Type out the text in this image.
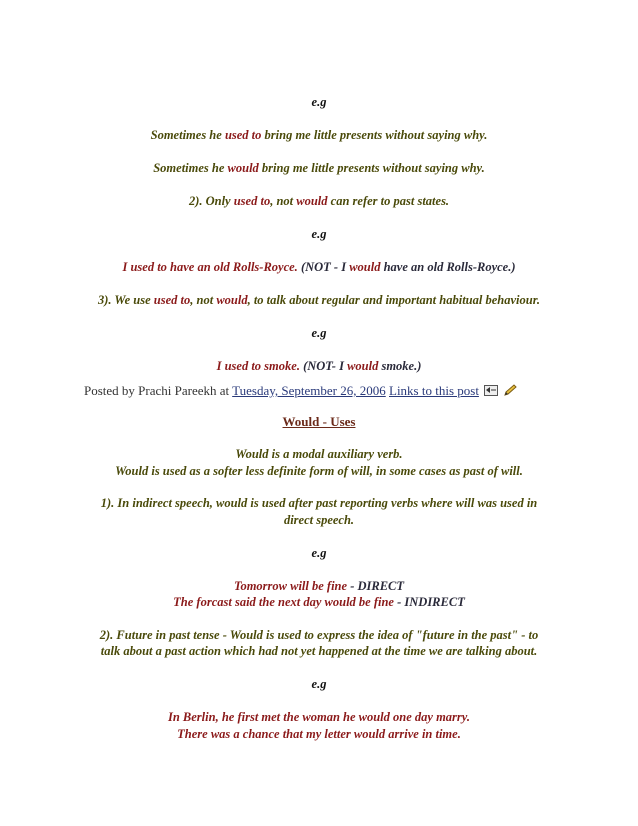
e.g
Sometimes he used to bring me little presents without saying why.
Sometimes he would bring me little presents without saying why.
2). Only used to, not would can refer to past states.
e.g
I used to have an old Rolls-Royce. (NOT - I would have an old Rolls-Royce.)
3). We use used to, not would, to talk about regular and important habitual behaviour.
e.g
I used to smoke. (NOT- I would smoke.)
Posted by Prachi Pareekh at Tuesday, September 26, 2006 Links to this post
Would - Uses
Would is a modal auxiliary verb.
Would is used as a softer less definite form of will, in some cases as past of will.
1). In indirect speech, would is used after past reporting verbs where will was used in
direct speech.
e.g
Tomorrow will be fine - DIRECT
The forcast said the next day would be fine - INDIRECT
2). Future in past tense - Would is used to express the idea of "future in the past" - to
talk about a past action which had not yet happened at the time we are talking about.
e.g
In Berlin, he first met the woman he would one day marry.
There was a chance that my letter would arrive in time.
